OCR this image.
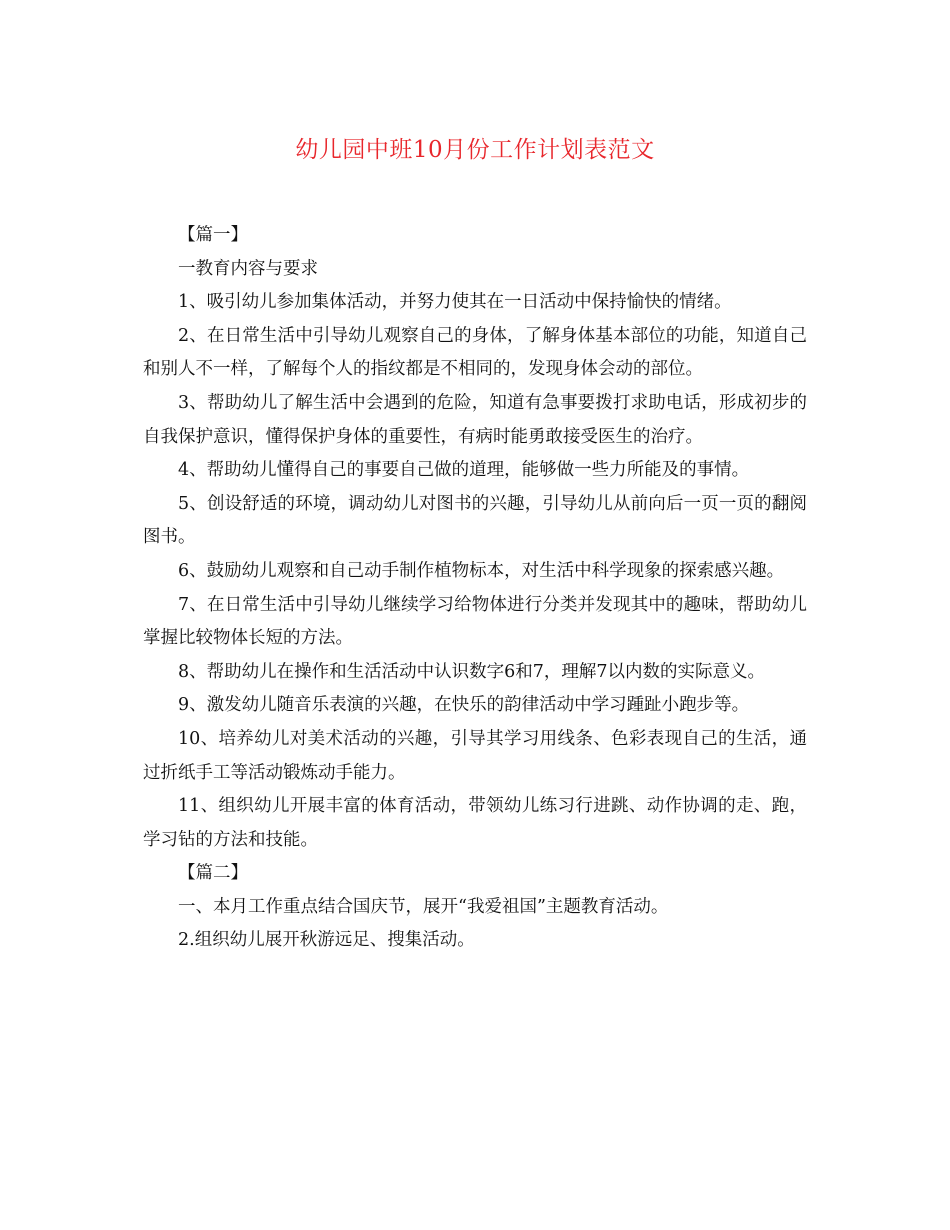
幼儿园中班10月份工作计划表范文

【篇一】

一教育内容与要求

1、吸引幼儿参加集体活动，并努力使其在一日活动中保持愉快的情绪。

2、在日常生活中引导幼儿观察自己的身体，了解身体基本部位的功能，知道自己和别人不一样，了解每个人的指纹都是不相同的，发现身体会动的部位。

3、帮助幼儿了解生活中会遇到的危险，知道有急事要拨打求助电话，形成初步的自我保护意识，懂得保护身体的重要性，有病时能勇敢接受医生的治疗。

4、帮助幼儿懂得自己的事要自己做的道理，能够做一些力所能及的事情。

5、创设舒适的环境，调动幼儿对图书的兴趣，引导幼儿从前向后一页一页的翻阅图书。

6、鼓励幼儿观察和自己动手制作植物标本，对生活中科学现象的探索感兴趣。

7、在日常生活中引导幼儿继续学习给物体进行分类并发现其中的趣味，帮助幼儿掌握比较物体长短的方法。

8、帮助幼儿在操作和生活活动中认识数字6和7，理解7以内数的实际意义。

9、激发幼儿随音乐表演的兴趣，在快乐的韵律活动中学习踵趾小跑步等。

10、培养幼儿对美术活动的兴趣，引导其学习用线条、色彩表现自己的生活，通过折纸手工等活动锻炼动手能力。

11、组织幼儿开展丰富的体育活动，带领幼儿练习行进跳、动作协调的走、跑，学习钻的方法和技能。

【篇二】

一、本月工作重点结合国庆节，展开“我爱祖国”主题教育活动。

2.组织幼儿展开秋游远足、搜集活动。
